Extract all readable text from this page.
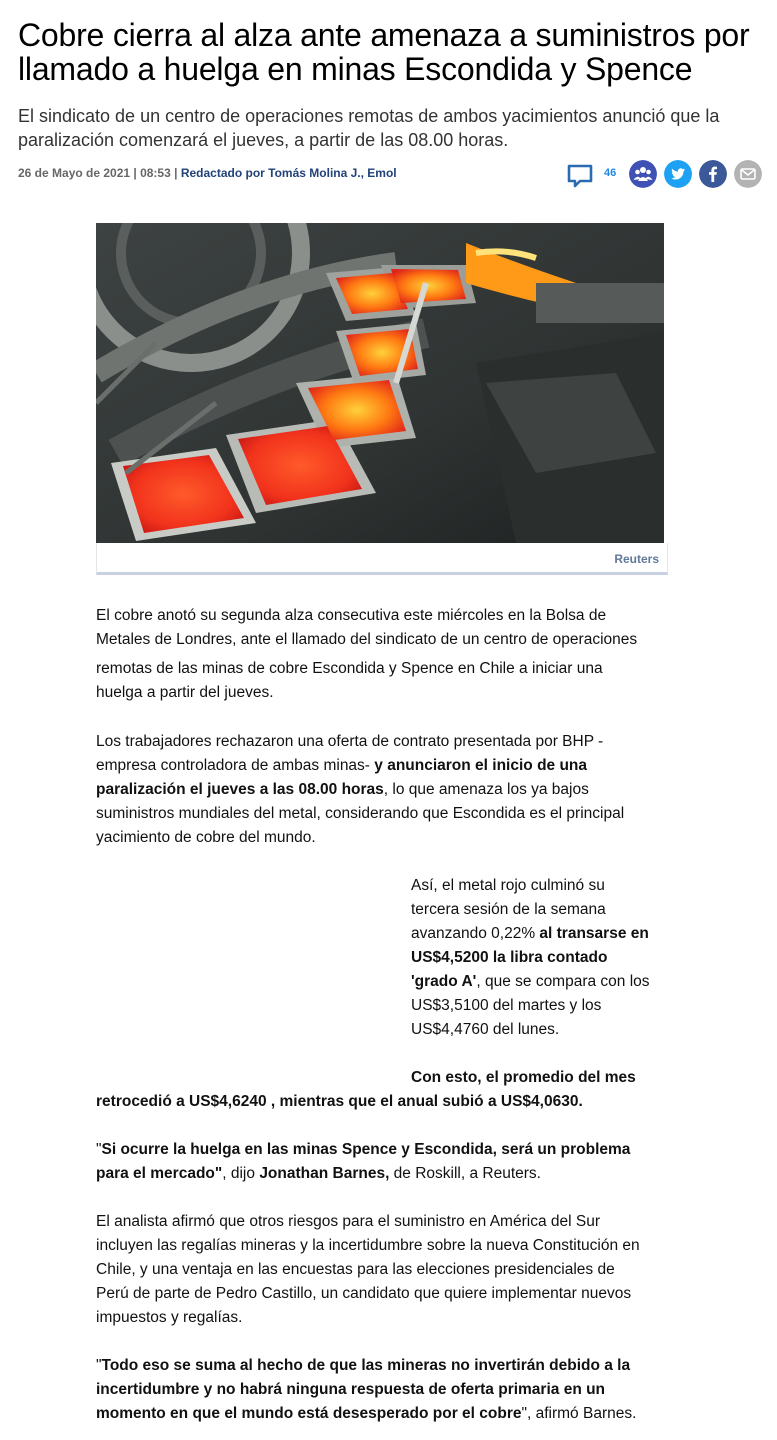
Cobre cierra al alza ante amenaza a suministros por llamado a huelga en minas Escondida y Spence

El sindicato de un centro de operaciones remotas de ambos yacimientos anunció que la paralización comenzará el jueves, a partir de las 08.00 horas.

26 de Mayo de 2021 | 08:53 | Redactado por Tomás Molina J., Emol	46
Reuters
El cobre anotó su segunda alza consecutiva este miércoles en la Bolsa de
Metales de Londres, ante el llamado del sindicato de un centro de operaciones
remotas de las minas de cobre Escondida y Spence en Chile a iniciar una
huelga a partir del jueves.
Los trabajadores rechazaron una oferta de contrato presentada por BHP -
empresa controladora de ambas minas- y anunciaron el inicio de una
paralización el jueves a las 08.00 horas, lo que amenaza los ya bajos
suministros mundiales del metal, considerando que Escondida es el principal
yacimiento de cobre del mundo.
Así, el metal rojo culminó su
tercera sesión de la semana
avanzando 0,22% al transarse en
US$4,5200 la libra contado
'grado A', que se compara con los
US$3,5100 del martes y los
US$4,4760 del lunes.
Con esto, el promedio del mes
retrocedió a US$4,6240 , mientras que el anual subió a US$4,0630.
"Si ocurre la huelga en las minas Spence y Escondida, será un problema
para el mercado", dijo Jonathan Barnes, de Roskill, a Reuters.
El analista afirmó que otros riesgos para el suministro en América del Sur
incluyen las regalías mineras y la incertidumbre sobre la nueva Constitución en
Chile, y una ventaja en las encuestas para las elecciones presidenciales de
Perú de parte de Pedro Castillo, un candidato que quiere implementar nuevos
impuestos y regalías.
"Todo eso se suma al hecho de que las mineras no invertirán debido a la
incertidumbre y no habrá ninguna respuesta de oferta primaria en un
momento en que el mundo está desesperado por el cobre", afirmó Barnes.
